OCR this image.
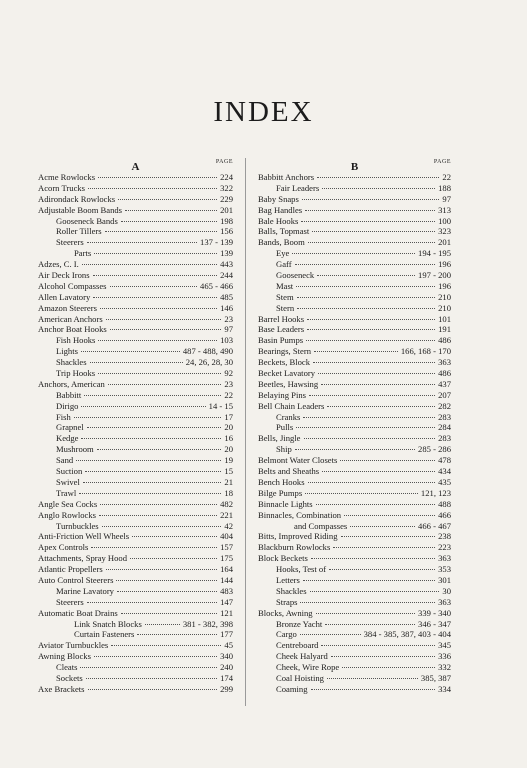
INDEX
A	PAGE
Acme Rowlocks	224
Acorn Trucks	322
Adirondack Rowlocks	229
Adjustable Boom Bands	201
Gooseneck Bands	198
Roller Tillers	156
Steerers	137 - 139
Parts	139
Adzes, C. I.	443
Air Deck Irons	244
Alcohol Compasses	465 - 466
Allen Lavatory	485
Amazon Steerers	146
American Anchors	23
Anchor Boat Hooks	97
Fish Hooks	103
Lights	487 - 488, 490
Shackles	24, 26, 28, 30
Trip Hooks	92
Anchors, American	23
Babbitt	22
Dirigo	14 - 15
Fish	17
Grapnel	20
Kedge	16
Mushroom	20
Sand	19
Suction	15
Swivel	21
Trawl	18
Angle Sea Cocks	482
Anglo Rowlocks	221
Turnbuckles	42
Anti-Friction Well Wheels	404
Apex Controls	157
Attachments, Spray Hood	175
Atlantic Propellers	164
Auto Control Steerers	144
Marine Lavatory	483
Steerers	147
Automatic Boat Drains	121
Link Snatch Blocks	381 - 382, 398
Curtain Fasteners	177
Aviator Turnbuckles	45
Awning Blocks	340
Cleats	240
Sockets	174
Axe Brackets	299
B	PAGE
Babbitt Anchors	22
Fair Leaders	188
Baby Snaps	97
Bag Handles	313
Bale Hooks	100
Balls, Topmast	323
Bands, Boom	201
Eye	194 - 195
Gaff	196
Gooseneck	197 - 200
Mast	196
Stem	210
Stern	210
Barrel Hooks	101
Base Leaders	191
Basin Pumps	486
Bearings, Stern	166, 168 - 170
Beckets, Block	363
Becket Lavatory	486
Beetles, Hawsing	437
Belaying Pins	207
Bell Chain Leaders	282
Cranks	283
Pulls	284
Bells, Jingle	283
Ship	285 - 286
Belmont Water Closets	478
Belts and Sheaths	434
Bench Hooks	435
Bilge Pumps	121, 123
Binnacle Lights	488
Binnacles, Combination	466
and Compasses	466 - 467
Bitts, Improved Riding	238
Blackburn Rowlocks	223
Block Beckets	363
Hooks, Test of	353
Letters	301
Shackles	30
Straps	363
Blocks, Awning	339 - 340
Bronze Yacht	346 - 347
Cargo	384 - 385, 387, 403 - 404
Centreboard	345
Cheek Halyard	336
Cheek, Wire Rope	332
Coal Hoisting	385, 387
Coaming	334
